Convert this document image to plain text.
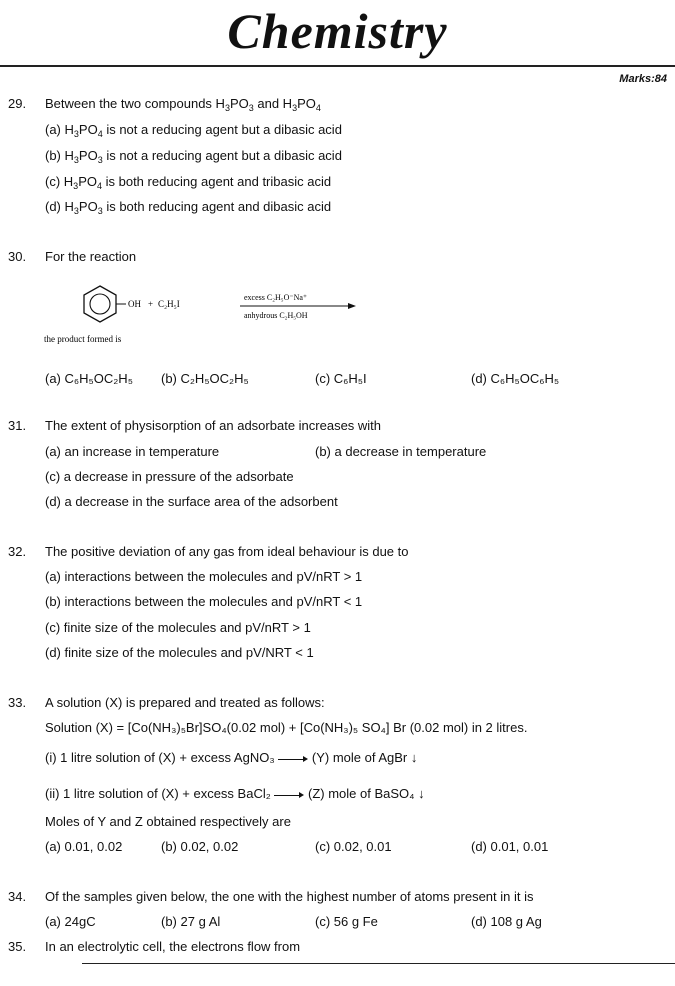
Chemistry
Marks:84
29. Between the two compounds $H_3PO_3$ and $H_3PO_4$
(a) $H_3PO_4$ is not a reducing agent but a dibasic acid
(b) $H_3PO_3$ is not a reducing agent but a dibasic acid
(c) $H_3PO_4$ is both reducing agent and tribasic acid
(d) $H_3PO_3$ is both reducing agent and dibasic acid
30. For the reaction
OH + C₂H₅I
excess C₂H₅O⁻Na⁺
anhydrous C₂H₅OH
the product formed is
(a) C₆H₅OC₂H₅ (b) C₂H₅OC₂H₅	(c) C₆H₅I	(d) C₆H₅OC₆H₅
31. The extent of physisorption of an adsorbate increases with
(a) an increase in temperature	(b) a decrease in temperature
(c) a decrease in pressure of the adsorbate
(d) a decrease in the surface area of the adsorbent
32. The positive deviation of any gas from ideal behaviour is due to
(a) interactions between the molecules and pV/nRT > 1
(b) interactions between the molecules and pV/nRT < 1
(c) finite size of the molecules and pV/nRT > 1
(d) finite size of the molecules and pV/NRT < 1
33. A solution (X) is prepared and treated as follows:
Solution (X) = [Co(NH₃)₅Br]SO₄(0.02 mol) + [Co(NH₃)₅ SO₄] Br (0.02 mol) in 2 litres.
(i) 1 litre solution of (X) + excess AgNO₃	(Y) mole of AgBr ↓
(ii) 1 litre solution of (X) + excess BaCl₂	(Z) mole of BaSO₄ ↓
Moles of Y and Z obtained respectively are
(a) 0.01, 0.02	(b) 0.02, 0.02	(c) 0.02, 0.01	(d) 0.01, 0.01
34. Of the samples given below, the one with the highest number of atoms present in it is
(a) 24gC	(b) 27 g Al	(c) 56 g Fe	(d) 108 g Ag
35. In an electrolytic cell, the electrons flow from
